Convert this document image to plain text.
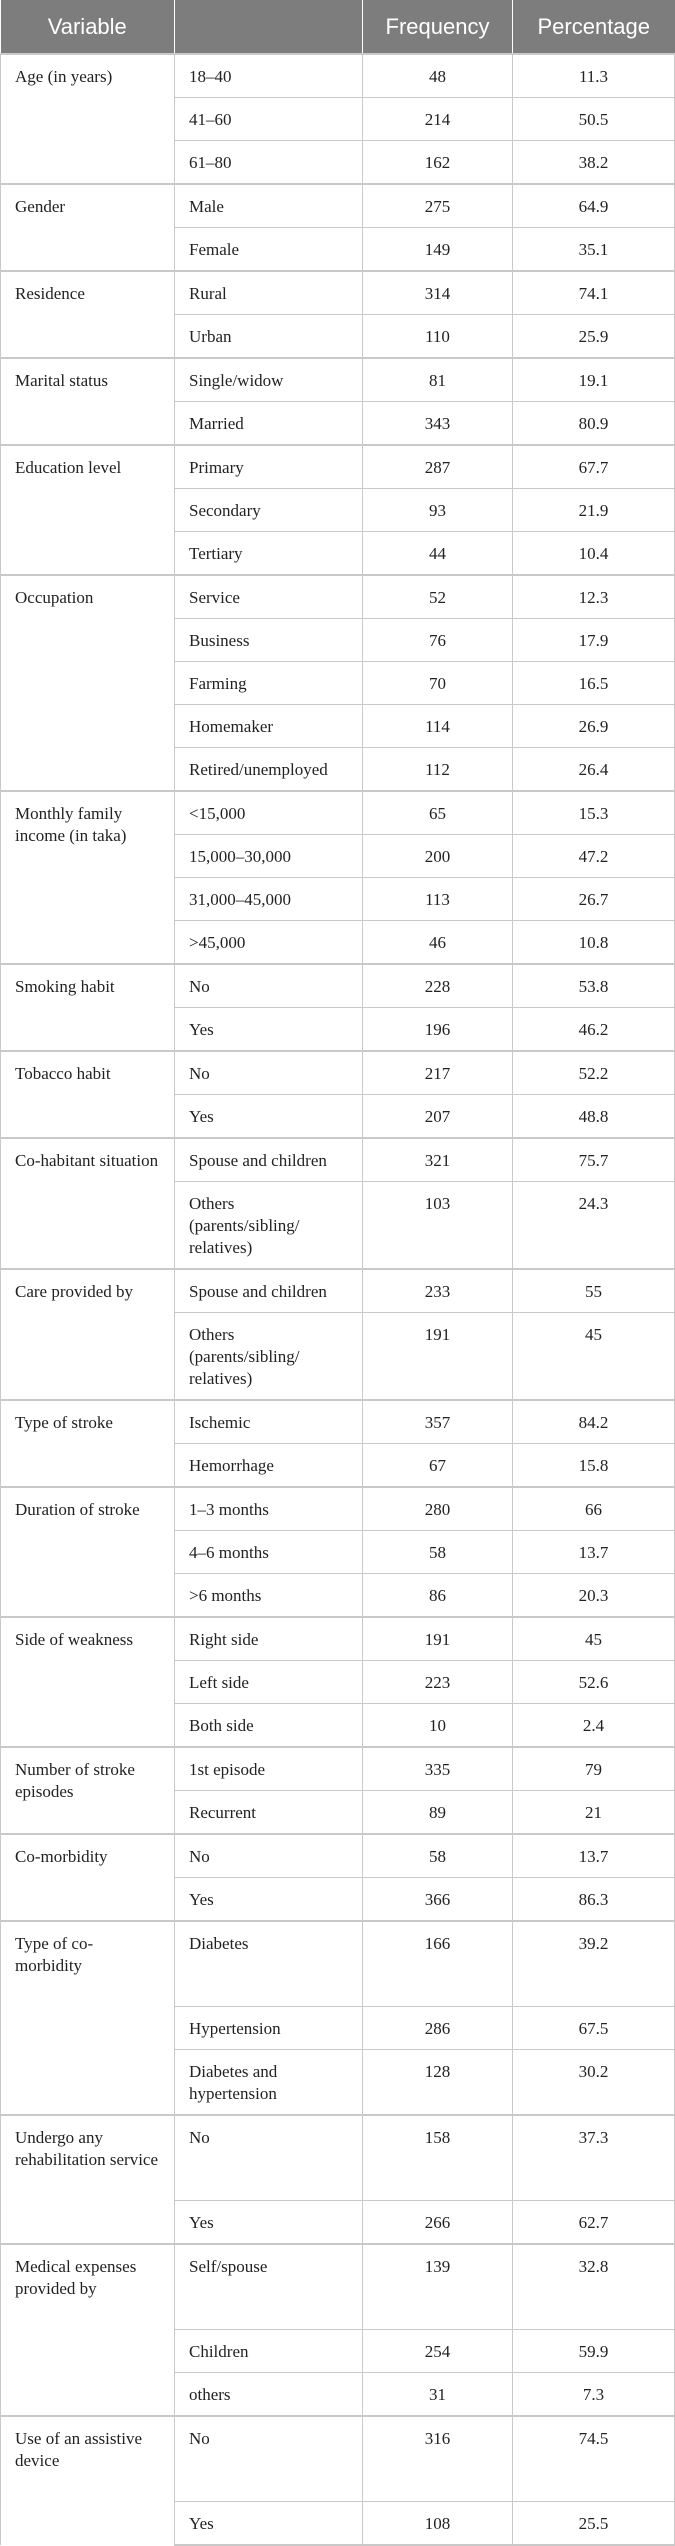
Variable		Frequency	Percentage
Age (in years)	18–40	48	11.3
	41–60	214	50.5
	61–80	162	38.2
Gender	Male	275	64.9
	Female	149	35.1
Residence	Rural	314	74.1
	Urban	110	25.9
Marital status	Single/widow	81	19.1
	Married	343	80.9
Education level	Primary	287	67.7
	Secondary	93	21.9
	Tertiary	44	10.4
Occupation	Service	52	12.3
	Business	76	17.9
	Farming	70	16.5
	Homemaker	114	26.9
	Retired/unemployed	112	26.4
Monthly family income (in taka)	<15,000	65	15.3
	15,000–30,000	200	47.2
	31,000–45,000	113	26.7
	>45,000	46	10.8
Smoking habit	No	228	53.8
	Yes	196	46.2
Tobacco habit	No	217	52.2
	Yes	207	48.8
Co-habitant situation	Spouse and children	321	75.7
	Others (parents/sibling/ relatives)	103	24.3
Care provided by	Spouse and children	233	55
	Others (parents/sibling/ relatives)	191	45
Type of stroke	Ischemic	357	84.2
	Hemorrhage	67	15.8
Duration of stroke	1–3 months	280	66
	4–6 months	58	13.7
	>6 months	86	20.3
Side of weakness	Right side	191	45
	Left side	223	52.6
	Both side	10	2.4
Number of stroke episodes	1st episode	335	79
	Recurrent	89	21
Co-morbidity	No	58	13.7
	Yes	366	86.3
Type of co-morbidity	Diabetes	166	39.2
	Hypertension	286	67.5
	Diabetes and hypertension	128	30.2
Undergo any rehabilitation service	No	158	37.3
	Yes	266	62.7
Medical expenses provided by	Self/spouse	139	32.8
	Children	254	59.9
	others	31	7.3
Use of an assistive device	No	316	74.5
	Yes	108	25.5
